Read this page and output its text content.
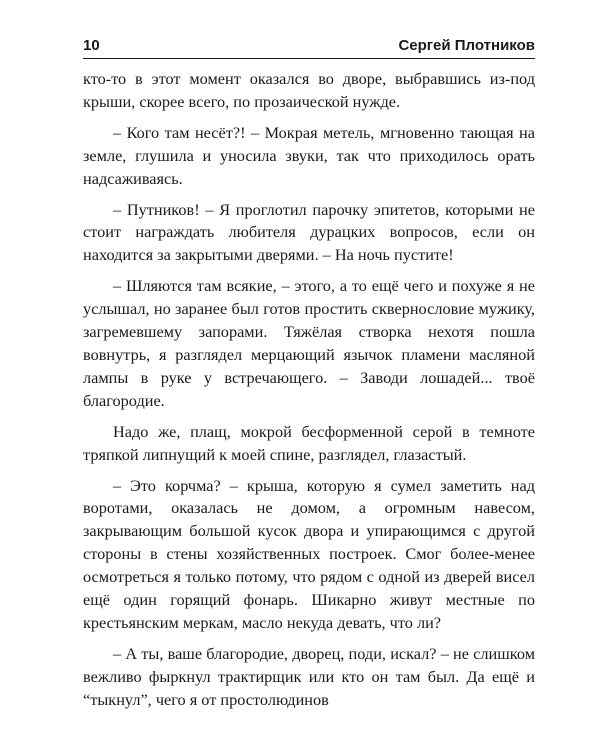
10	Сергей Плотников

кто-то в этот момент оказался во дворе, выбравшись из-под крыши, скорее всего, по прозаической нужде.

– Кого там несёт?! – Мокрая метель, мгновенно тающая на земле, глушила и уносила звуки, так что приходилось орать надсаживаясь.

– Путников! – Я проглотил парочку эпитетов, которыми не стоит награждать любителя дурацких вопросов, если он находится за закрытыми дверями. – На ночь пустите!

– Шляются там всякие, – этого, а то ещё чего и похуже я не услышал, но заранее был готов простить сквернословие мужику, загремевшему запорами. Тяжёлая створка нехотя пошла вовнутрь, я разглядел мерцающий язычок пламени масляной лампы в руке у встречающего. – Заводи лошадей... твоё благородие.

Надо же, плащ, мокрой бесформенной серой в темноте тряпкой липнущий к моей спине, разглядел, глазастый.

– Это корчма? – крыша, которую я сумел заметить над воротами, оказалась не домом, а огромным навесом, закрывающим большой кусок двора и упирающимся с другой стороны в стены хозяйственных построек. Смог более-менее осмотреться я только потому, что рядом с одной из дверей висел ещё один горящий фонарь. Шикарно живут местные по крестьянским меркам, масло некуда девать, что ли?

– А ты, ваше благородие, дворец, поди, искал? – не слишком вежливо фыркнул трактирщик или кто он там был. Да ещё и “тыкнул”, чего я от простолюдинов
